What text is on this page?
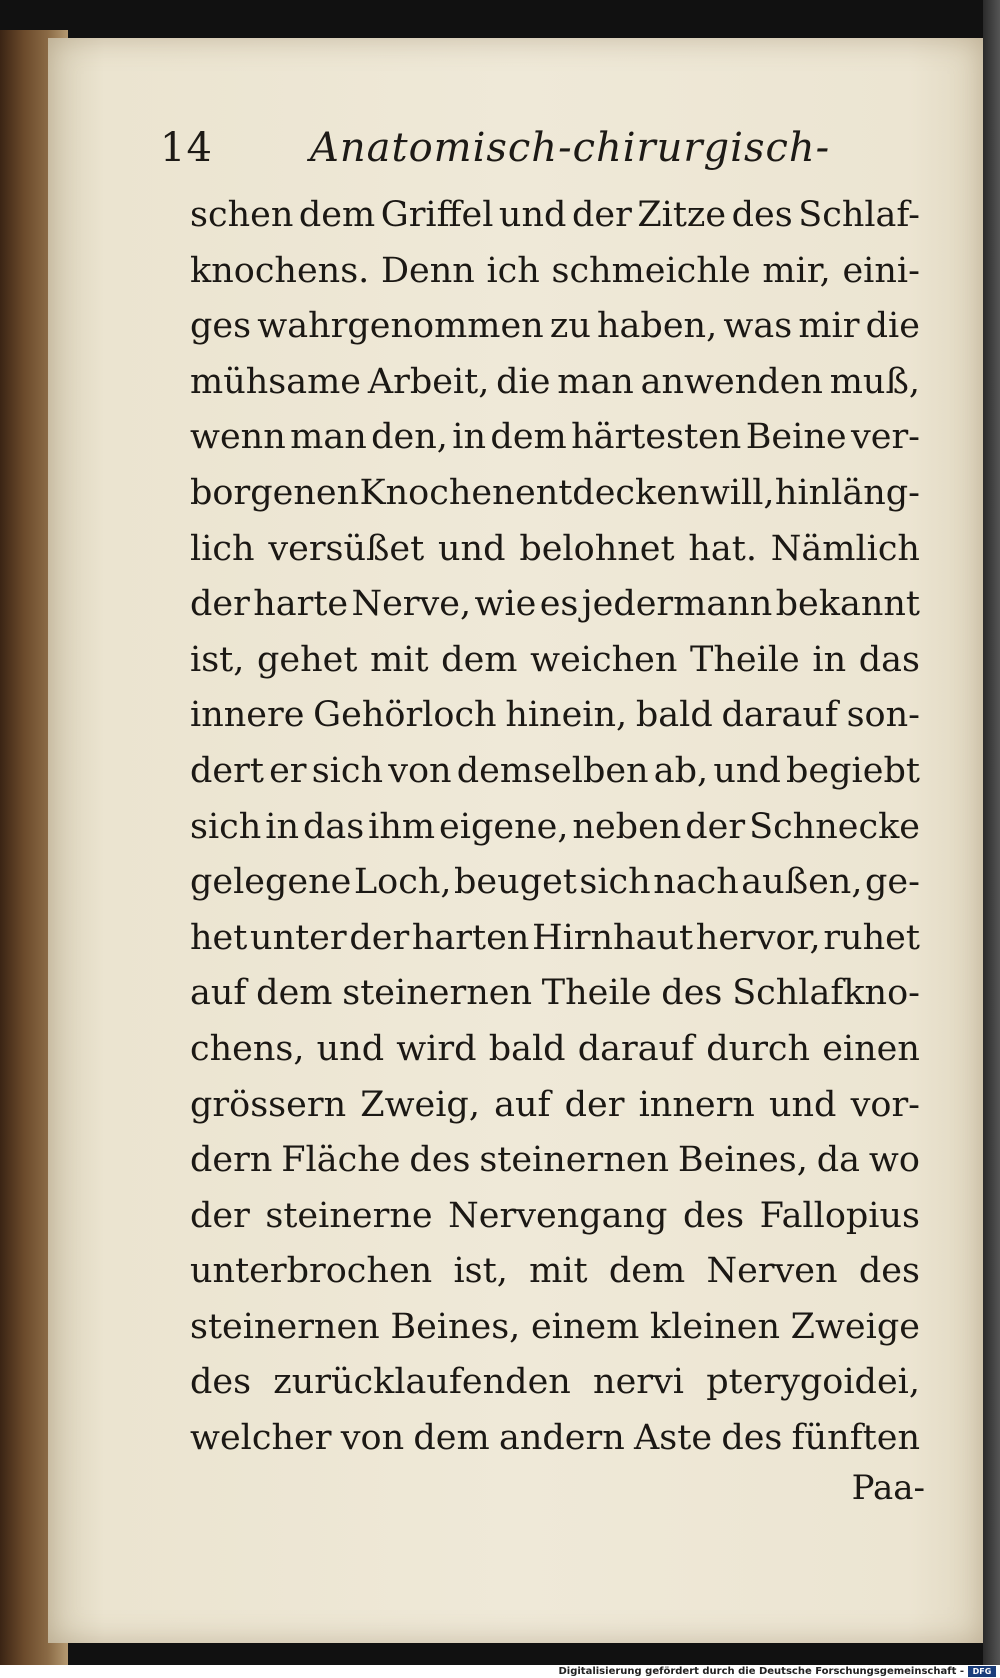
14	Anatomisch-chirurgisch-
schen dem Griffel und der Zitze des Schlaf-
knochens. Denn ich schmeichle mir, eini-
ges wahrgenommen zu haben, was mir die
mühsame Arbeit, die man anwenden muß,
wenn man den, in dem härtesten Beine ver-
borgenen Knochen entdecken will, hinläng-
lich versüßet und belohnet hat. Nämlich
der harte Nerve, wie es jedermann bekannt
ist, gehet mit dem weichen Theile in das
innere Gehörloch hinein, bald darauf son-
dert er sich von demselben ab, und begiebt
sich in das ihm eigene, neben der Schnecke
gelegene Loch, beuget sich nach außen, ge-
het unter der harten Hirnhaut hervor, ruhet
auf dem steinernen Theile des Schlafkno-
chens, und wird bald darauf durch einen
grössern Zweig, auf der innern und vor-
dern Fläche des steinernen Beines, da wo
der steinerne Nervengang des Fallopius
unterbrochen ist, mit dem Nerven des
steinernen Beines, einem kleinen Zweige
des zurücklaufenden nervi pterygoidei,
welcher von dem andern Aste des fünften
Paa-
Digitalisierung gefördert durch die Deutsche Forschungsgemeinschaft -	DFG
